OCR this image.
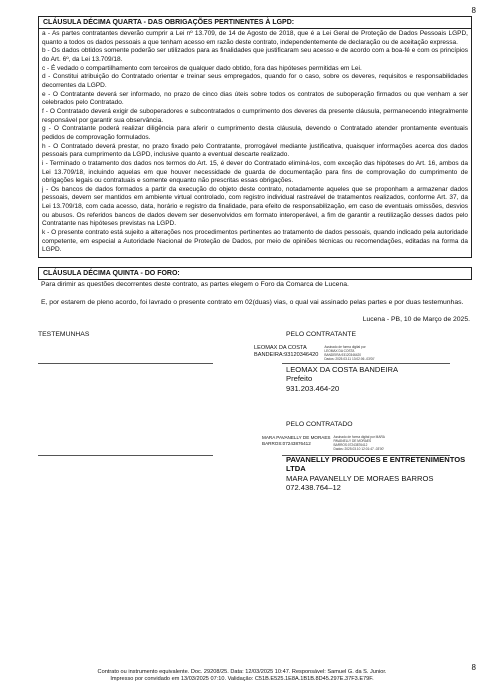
8
CLÁUSULA DÉCIMA QUARTA - DAS OBRIGAÇÕES PERTINENTES À LGPD:

a - As partes contratantes deverão cumprir a Lei nº 13.709, de 14 de Agosto de 2018, que é a Lei Geral de Proteção de Dados Pessoais LGPD, quanto a todos os dados pessoais a que tenham acesso em razão deste contrato, independentemente de declaração ou de aceitação expressa.

b - Os dados obtidos somente poderão ser utilizados para as finalidades que justificaram seu acesso e de acordo com a boa-fé e com os princípios do Art. 6º, da Lei 13.709/18.

c - É vedado o compartilhamento com terceiros de qualquer dado obtido, fora das hipóteses permitidas em Lei.

d - Constitui atribuição do Contratado orientar e treinar seus empregados, quando for o caso, sobre os deveres, requisitos e responsabilidades decorrentes da LGPD.

e - O Contratante deverá ser informado, no prazo de cinco dias úteis sobre todos os contratos de suboperação firmados ou que venham a ser celebrados pelo Contratado.

f - O Contratado deverá exigir de suboperadores e subcontratados o cumprimento dos deveres da presente cláusula, permanecendo integralmente responsável por garantir sua observância.

g - O Contratante poderá realizar diligência para aferir o cumprimento desta cláusula, devendo o Contratado atender prontamente eventuais pedidos de comprovação formulados.

h - O Contratado deverá prestar, no prazo fixado pelo Contratante, prorrogável mediante justificativa, quaisquer informações acerca dos dados pessoais para cumprimento da LGPD, inclusive quanto a eventual descarte realizado.

i - Terminado o tratamento dos dados nos termos do Art. 15, é dever do Contratado eliminá-los, com exceção das hipóteses do Art. 16, ambos da Lei 13.709/18, incluindo aquelas em que houver necessidade de guarda de documentação para fins de comprovação do cumprimento de obrigações legais ou contratuais e somente enquanto não prescritas essas obrigações.

j - Os bancos de dados formados a partir da execução do objeto deste contrato, notadamente aqueles que se proponham a armazenar dados pessoais, devem ser mantidos em ambiente virtual controlado, com registro individual rastreável de tratamentos realizados, conforme Art. 37, da Lei 13.709/18, com cada acesso, data, horário e registro da finalidade, para efeito de responsabilização, em caso de eventuais omissões, desvios ou abusos. Os referidos bancos de dados devem ser desenvolvidos em formato interoperável, a fim de garantir a reutilização desses dados pelo Contratante nas hipóteses previstas na LGPD.

k - O presente contrato está sujeito a alterações nos procedimentos pertinentes ao tratamento de dados pessoais, quando indicado pela autoridade competente, em especial a Autoridade Nacional de Proteção de Dados, por meio de opiniões técnicas ou recomendações, editadas na forma da LGPD.

CLÁUSULA DÉCIMA QUINTA - DO FORO:

Para dirimir as questões decorrentes deste contrato, as partes elegem o Foro da Comarca de Lucena.

E, por estarem de pleno acordo, foi lavrado o presente contrato em 02(duas) vias, o qual vai assinado pelas partes e por duas testemunhas.

Lucena - PB, 10 de Março de 2025.
TESTEMUNHAS	PELO CONTRATANTE
LEOMAX DA COSTA
BANDEIRA:93120346420
Assinado de forma digital por
LEOMAX DA COSTA
BANDEIRA:93120346420
Dados: 2025.03.11 13:02:06 -03'00'
LEOMAX DA COSTA BANDEIRA
Prefeito
931.203.464-20
PELO CONTRATADO
MARA PAVANELLY DE MORAES
BARROS:07243876412
Assinado de forma digital por MARA
PAVANELLY DE MORAES
BARROS:07243876412
Dados: 2025.03.10 12:01:47 -03'00'
PAVANELLY PRODUCOES E ENTRETENIMENTOS
LTDA
MARA PAVANELLY DE MORAES BARROS
072.438.764–12
8
Contrato ou instrumento equivalente. Doc. 29208/25. Data: 12/03/2025 10:47. Responsável: Samuel G. da S. Junior.
Impresso por convidado em 13/03/2025 07:10. Validação: C51B.E525.1E8A.1B1B.8D45.297E.37F3.E79F.
